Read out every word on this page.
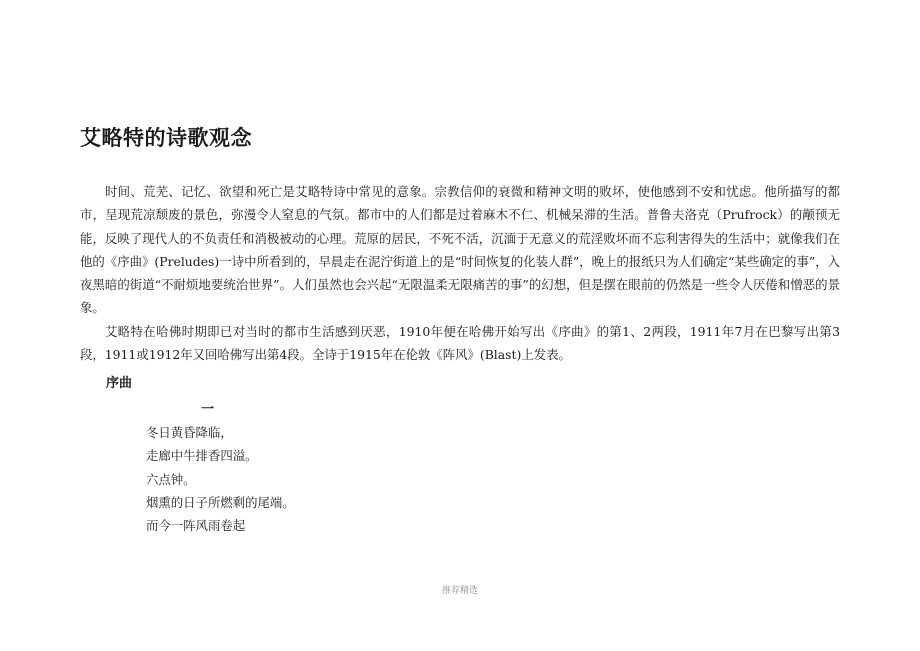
艾略特的诗歌观念

时间、荒芜、记忆、欲望和死亡是艾略特诗中常见的意象。宗教信仰的衰微和精神文明的败坏，使他感到不安和忧虑。他所描写的都市，呈现荒凉颓废的景色，弥漫令人窒息的气氛。都市中的人们都是过着麻木不仁、机械呆滞的生活。普鲁夫洛克（Prufrock）的颟顸无能，反映了现代人的不负责任和消极被动的心理。荒原的居民，不死不活，沉湎于无意义的荒淫败坏而不忘利害得失的生活中；就像我们在他的《序曲》(Preludes)一诗中所看到的，早晨走在泥泞街道上的是“时间恢复的化装人群”，晚上的报纸只为人们确定“某些确定的事”，入夜黑暗的街道“不耐烦地要统治世界”。人们虽然也会兴起“无限温柔无限痛苦的事”的幻想，但是摆在眼前的仍然是一些令人厌倦和憎恶的景象。

艾略特在哈佛时期即已对当时的都市生活感到厌恶，1910年便在哈佛开始写出《序曲》的第1、2两段，1911年7月在巴黎写出第3段，1911或1912年又回哈佛写出第4段。全诗于1915年在伦敦《阵风》(Blast)上发表。

序曲
一
冬日黄昏降临，
走廊中牛排香四溢。
六点钟。
烟熏的日子所燃剩的尾端。
而今一阵风雨卷起
推荐精选
